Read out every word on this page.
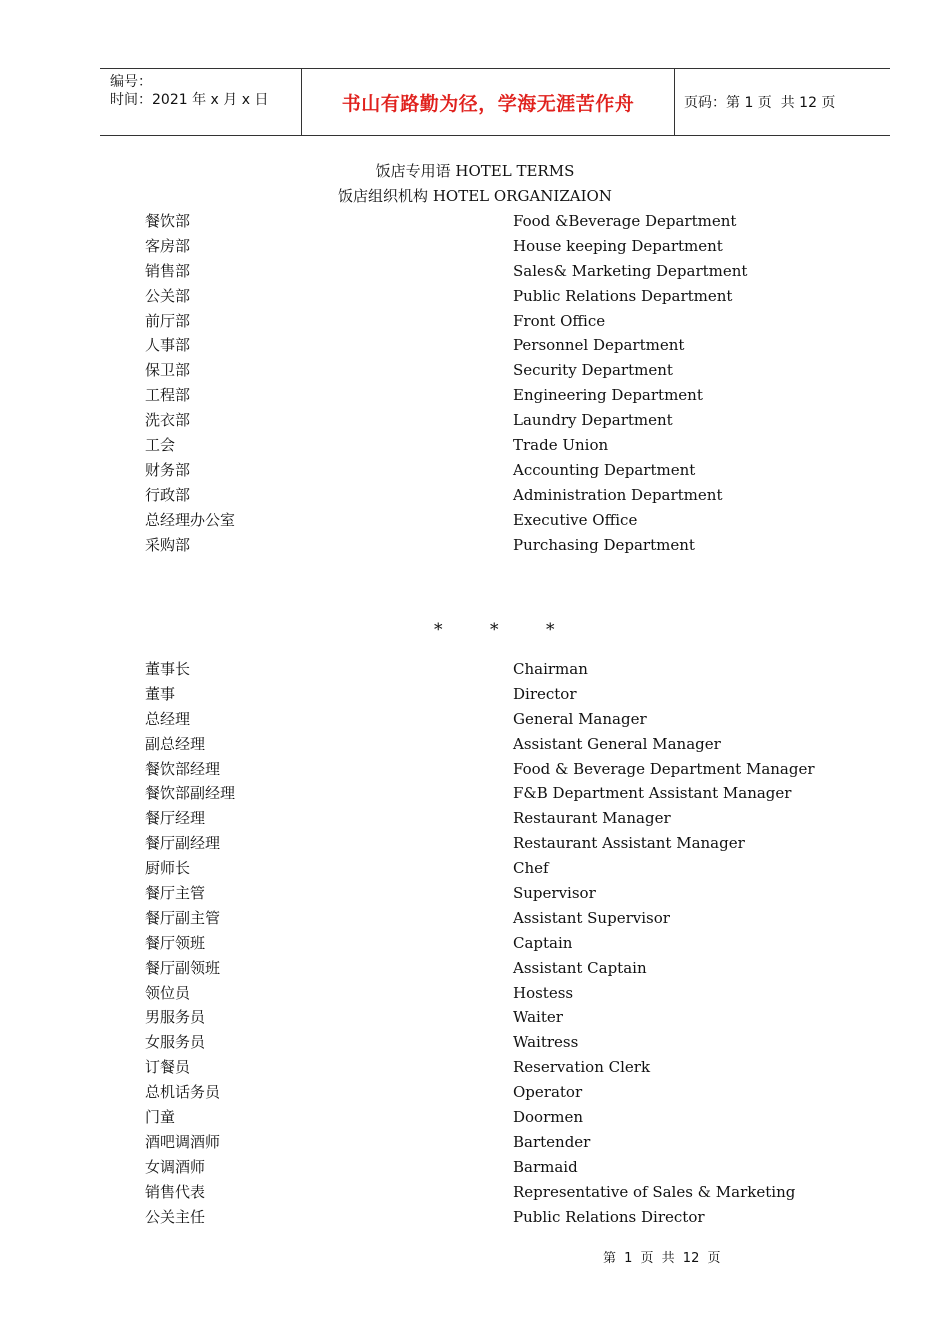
编号：
时间：2021 年 x 月 x 日	书山有路勤为径，学海无涯苦作舟	页码：第 1 页  共 12 页
饭店专用语 HOTEL TERMS
饭店组织机构 HOTEL ORGANIZAION
餐饮部	Food &Beverage Department
客房部	House keeping Department
销售部	Sales& Marketing Department
公关部	Public Relations Department
前厅部	Front Office
人事部	Personnel Department
保卫部	Security Department
工程部	Engineering Department
洗衣部	Laundry Department
工会	Trade Union
财务部	Accounting Department
行政部	Administration Department
总经理办公室	Executive Office
采购部	Purchasing Department
*	*	*
董事长	Chairman
董事	Director
总经理	General Manager
副总经理	Assistant General Manager
餐饮部经理	Food & Beverage Department Manager
餐饮部副经理	F&B Department Assistant Manager
餐厅经理	Restaurant Manager
餐厅副经理	Restaurant Assistant Manager
厨师长	Chef
餐厅主管	Supervisor
餐厅副主管	Assistant Supervisor
餐厅领班	Captain
餐厅副领班	Assistant Captain
领位员	Hostess
男服务员	Waiter
女服务员	Waitress
订餐员	Reservation Clerk
总机话务员	Operator
门童	Doormen
酒吧调酒师	Bartender
女调酒师	Barmaid
销售代表	Representative of Sales & Marketing
公关主任	Public Relations Director
第 1 页 共 12 页
